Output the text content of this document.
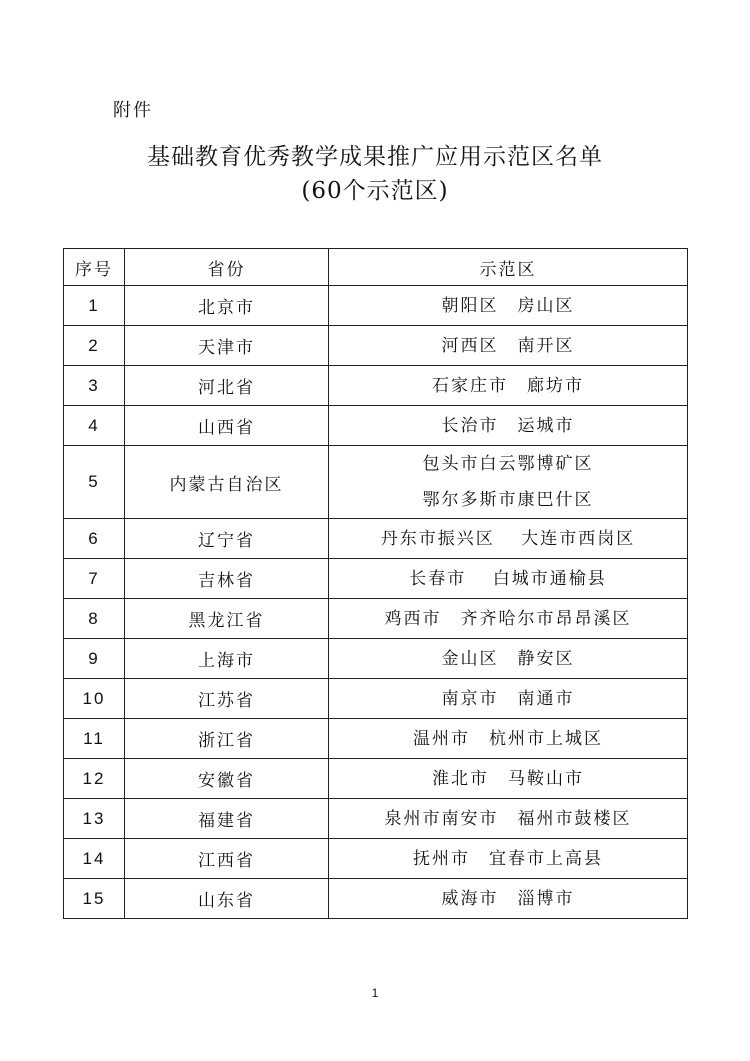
附件
基础教育优秀教学成果推广应用示范区名单
(60个示范区)
序号	省份	示范区
1	北京市	朝阳区　房山区

2	天津市	河西区　南开区

3	河北省	石家庄市　廊坊市

4	山西省	长治市　运城市

5	内蒙古自治区	包头市白云鄂博矿区
鄂尔多斯市康巴什区

6	辽宁省	丹东市振兴区　 大连市西岗区

7	吉林省	长春市　 白城市通榆县

8	黑龙江省	鸡西市　齐齐哈尔市昂昂溪区

9	上海市	金山区　静安区

10	江苏省	南京市　南通市

11	浙江省	温州市　杭州市上城区

12	安徽省	淮北市　马鞍山市

13	福建省	泉州市南安市　福州市鼓楼区

14	江西省	抚州市　宜春市上高县

15	山东省	威海市　淄博市
1
